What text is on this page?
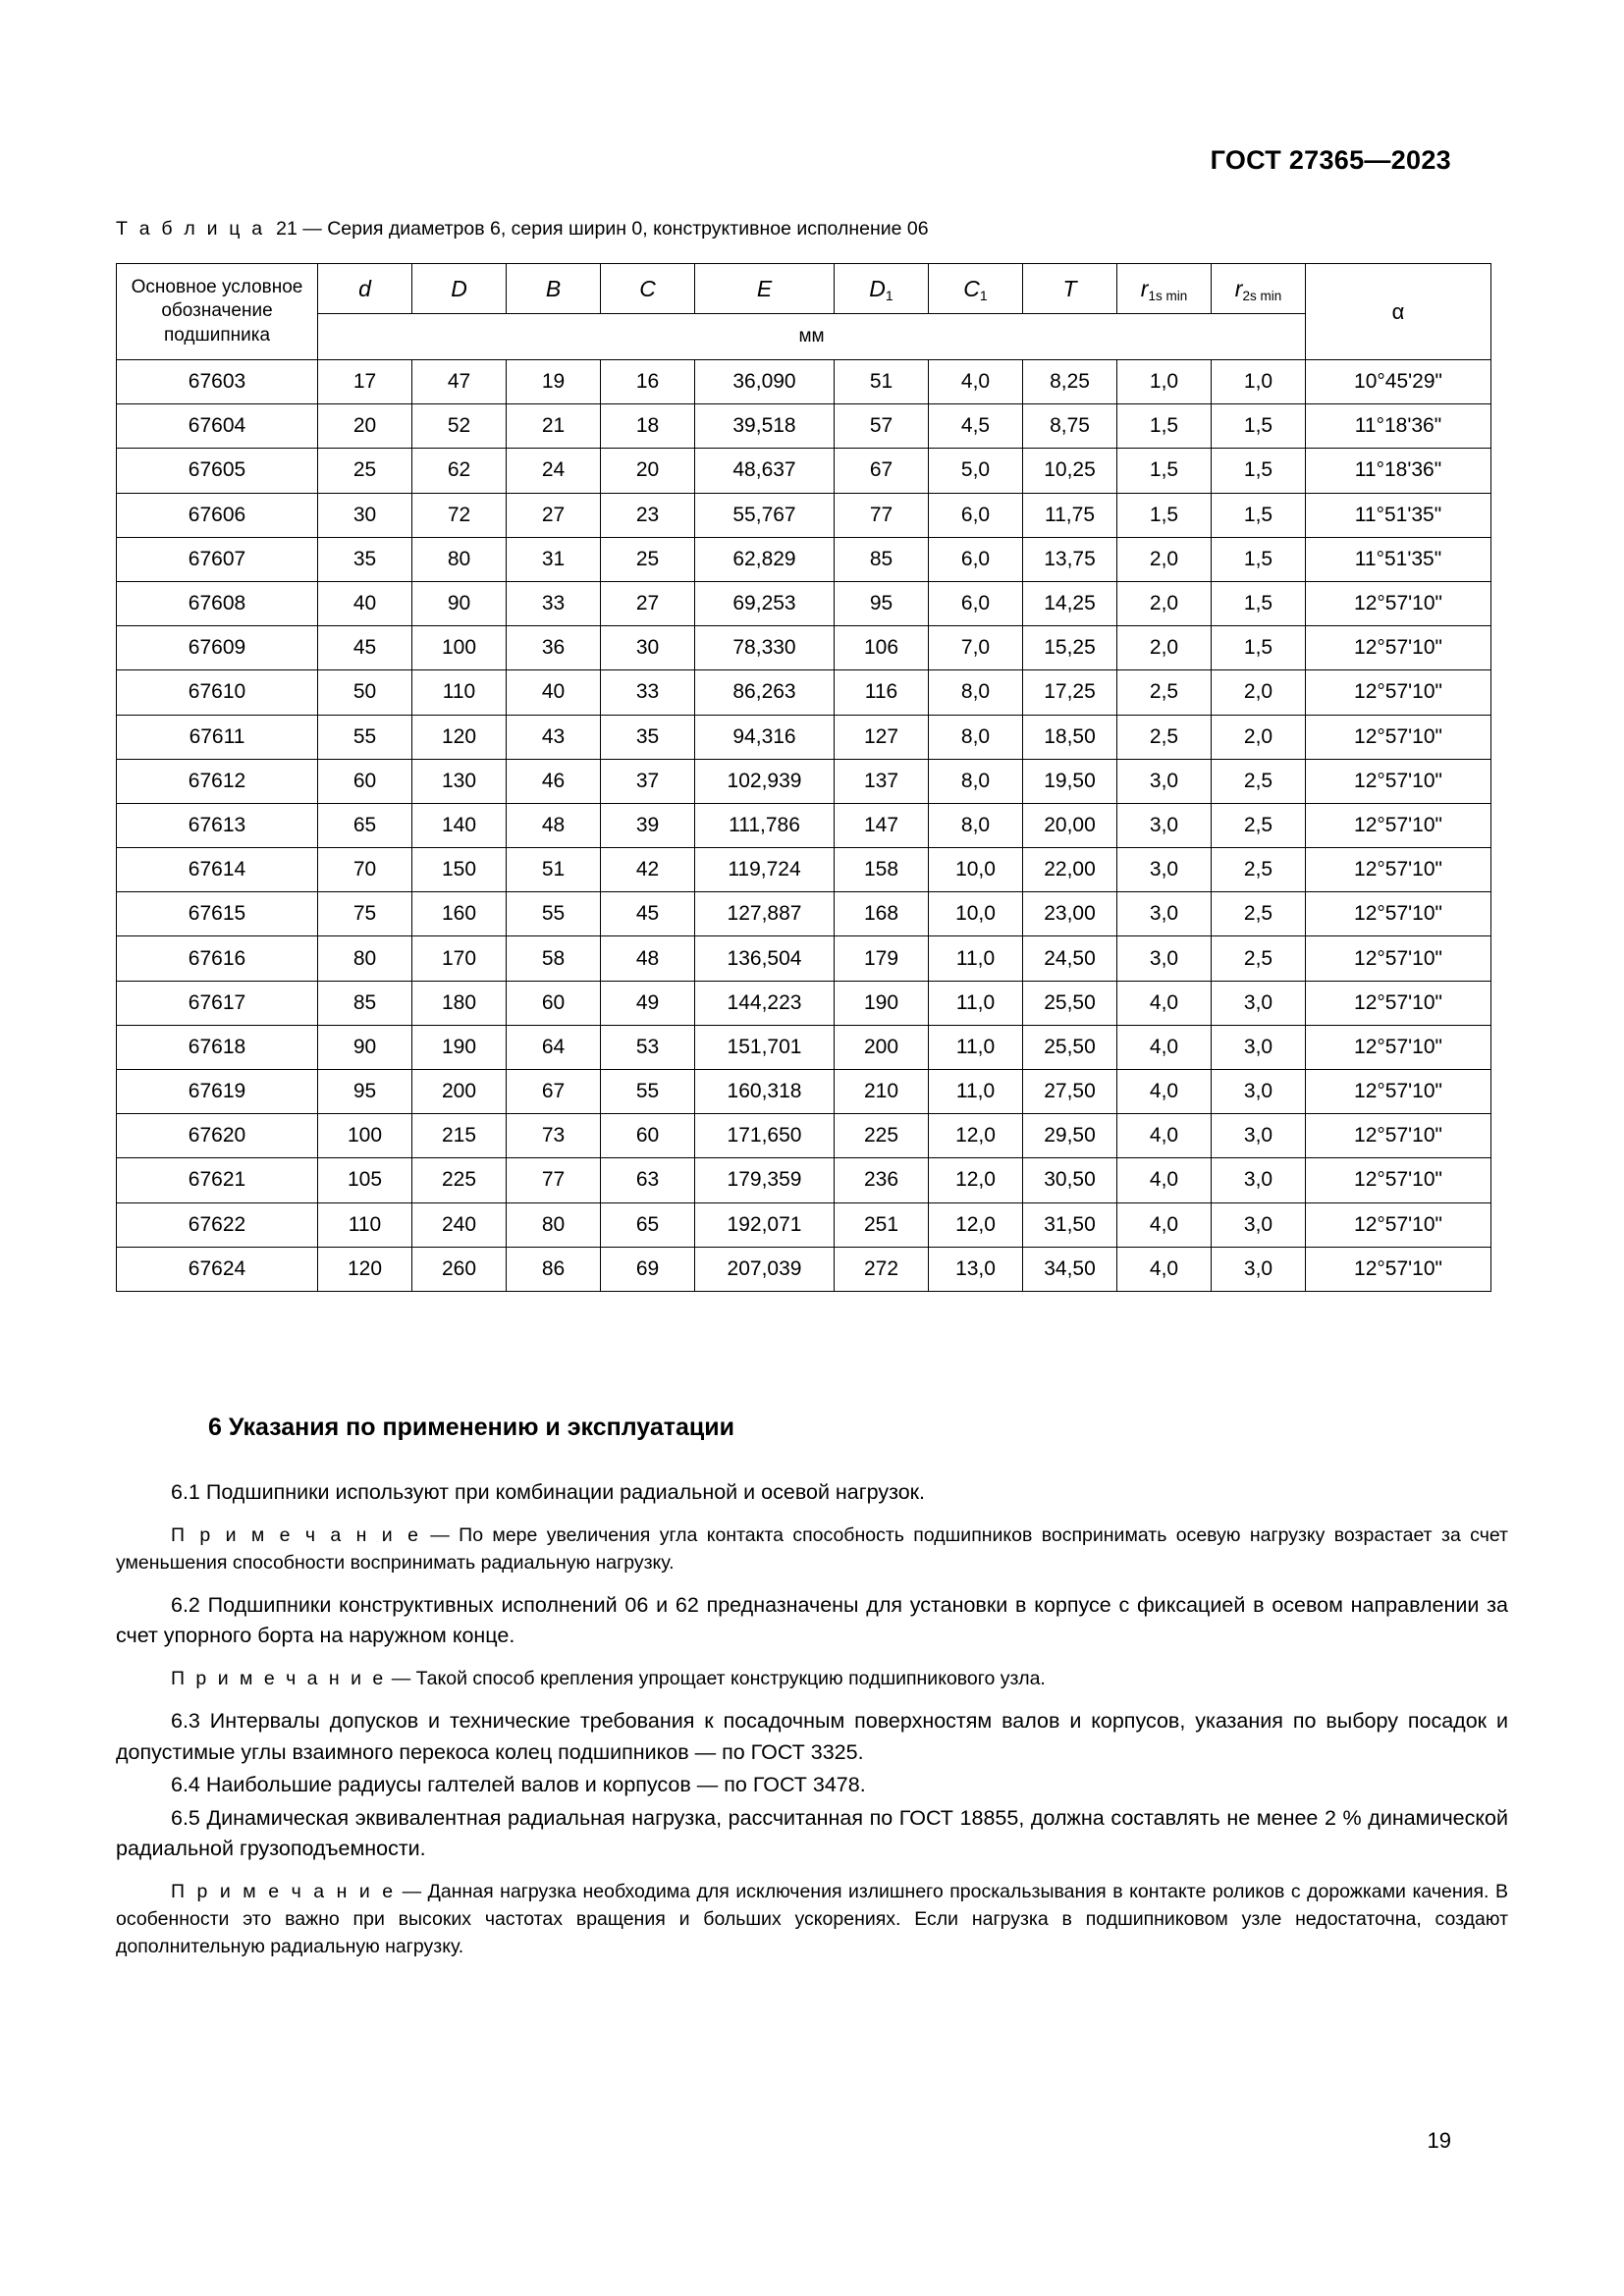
ГОСТ 27365—2023
Т а б л и ц а 21 — Серия диаметров 6, серия ширин 0, конструктивное исполнение 06
Основное условное обозначение подшипника	d	D	B	C	E	$D_1$	$C_1$	T	r1s min	r2s min	α
	мм										
67603	17	47	19	16	36,090	51	4,0	8,25	1,0	1,0	10°45'29"
67604	20	52	21	18	39,518	57	4,5	8,75	1,5	1,5	11°18'36"
67605	25	62	24	20	48,637	67	5,0	10,25	1,5	1,5	11°18'36"
67606	30	72	27	23	55,767	77	6,0	11,75	1,5	1,5	11°51'35"
67607	35	80	31	25	62,829	85	6,0	13,75	2,0	1,5	11°51'35"
67608	40	90	33	27	69,253	95	6,0	14,25	2,0	1,5	12°57'10"
67609	45	100	36	30	78,330	106	7,0	15,25	2,0	1,5	12°57'10"
67610	50	110	40	33	86,263	116	8,0	17,25	2,5	2,0	12°57'10"
67611	55	120	43	35	94,316	127	8,0	18,50	2,5	2,0	12°57'10"
67612	60	130	46	37	102,939	137	8,0	19,50	3,0	2,5	12°57'10"
67613	65	140	48	39	111,786	147	8,0	20,00	3,0	2,5	12°57'10"
67614	70	150	51	42	119,724	158	10,0	22,00	3,0	2,5	12°57'10"
67615	75	160	55	45	127,887	168	10,0	23,00	3,0	2,5	12°57'10"
67616	80	170	58	48	136,504	179	11,0	24,50	3,0	2,5	12°57'10"
67617	85	180	60	49	144,223	190	11,0	25,50	4,0	3,0	12°57'10"
67618	90	190	64	53	151,701	200	11,0	25,50	4,0	3,0	12°57'10"
67619	95	200	67	55	160,318	210	11,0	27,50	4,0	3,0	12°57'10"
67620	100	215	73	60	171,650	225	12,0	29,50	4,0	3,0	12°57'10"
67621	105	225	77	63	179,359	236	12,0	30,50	4,0	3,0	12°57'10"
67622	110	240	80	65	192,071	251	12,0	31,50	4,0	3,0	12°57'10"
67624	120	260	86	69	207,039	272	13,0	34,50	4,0	3,0	12°57'10"
6 Указания по применению и эксплуатации

6.1 Подшипники используют при комбинации радиальной и осевой нагрузок.

П р и м е ч а н и е — По мере увеличения угла контакта способность подшипников воспринимать осевую нагрузку возрастает за счет уменьшения способности воспринимать радиальную нагрузку.

6.2 Подшипники конструктивных исполнений 06 и 62 предназначены для установки в корпусе с фиксацией в осевом направлении за счет упорного борта на наружном конце.

П р и м е ч а н и е — Такой способ крепления упрощает конструкцию подшипникового узла.

6.3 Интервалы допусков и технические требования к посадочным поверхностям валов и корпусов, указания по выбору посадок и допустимые углы взаимного перекоса колец подшипников — по ГОСТ 3325.

6.4 Наибольшие радиусы галтелей валов и корпусов — по ГОСТ 3478.

6.5 Динамическая эквивалентная радиальная нагрузка, рассчитанная по ГОСТ 18855, должна составлять не менее 2 % динамической радиальной грузоподъемности.

П р и м е ч а н и е — Данная нагрузка необходима для исключения излишнего проскальзывания в контакте роликов с дорожками качения. В особенности это важно при высоких частотах вращения и больших ускорениях. Если нагрузка в подшипниковом узле недостаточна, создают дополнительную радиальную нагрузку.

19
